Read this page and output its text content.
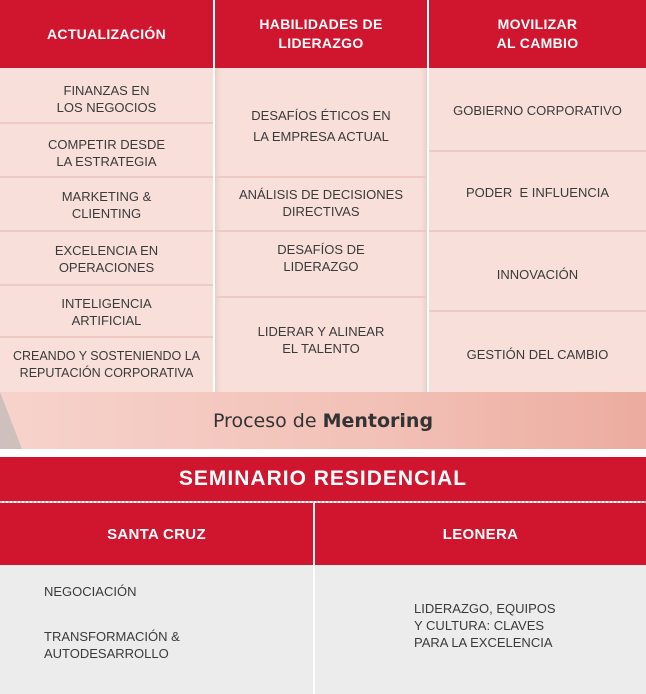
ACTUALIZACIÓN
HABILIDADES DE
LIDERAZGO
MOVILIZAR
AL CAMBIO
FINANZAS EN
LOS NEGOCIOS
COMPETIR DESDE
LA ESTRATEGIA
MARKETING &
CLIENTING
EXCELENCIA EN
OPERACIONES
INTELIGENCIA
ARTIFICIAL
CREANDO Y SOSTENIENDO LA
REPUTACIÓN CORPORATIVA
DESAFÍOS ÉTICOS EN
LA EMPRESA ACTUAL
ANÁLISIS DE DECISIONES
DIRECTIVAS
DESAFÍOS DE
LIDERAZGO
LIDERAR Y ALINEAR
EL TALENTO
GOBIERNO CORPORATIVO
PODER  E INFLUENCIA
INNOVACIÓN
GESTIÓN DEL CAMBIO
Proceso de Mentoring
SEMINARIO RESIDENCIAL
SANTA CRUZ	LEONERA
NEGOCIACIÓN
TRANSFORMACIÓN &
AUTODESARROLLO
LIDERAZGO, EQUIPOS
Y CULTURA: CLAVES
PARA LA EXCELENCIA
